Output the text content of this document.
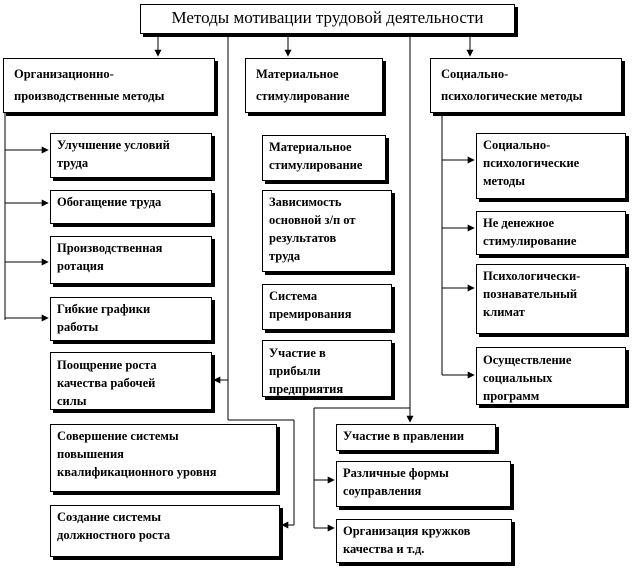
Методы мотивации трудовой деятельности
Организационно-
производственные методы
Материальное
стимулирование
Социально-
психологические методы
Улучшение условий
труда
Обогащение труда
Производственная
ротация
Гибкие графики
работы
Поощрение роста
качества рабочей
силы
Совершение системы
повышения
квалификационного уровня
Создание системы
должностного роста
Материальное
стимулирование
Зависимость
основной з/п от
результатов
труда
Система
премирования
Участие в
прибыли
предприятия
Социально-
психологические
методы
Не денежное
стимулирование
Психологически-
познавательный
климат
Осуществление
социальных
программ
Участие в правлении
Различные формы
соуправления
Организация кружков
качества и т.д.
